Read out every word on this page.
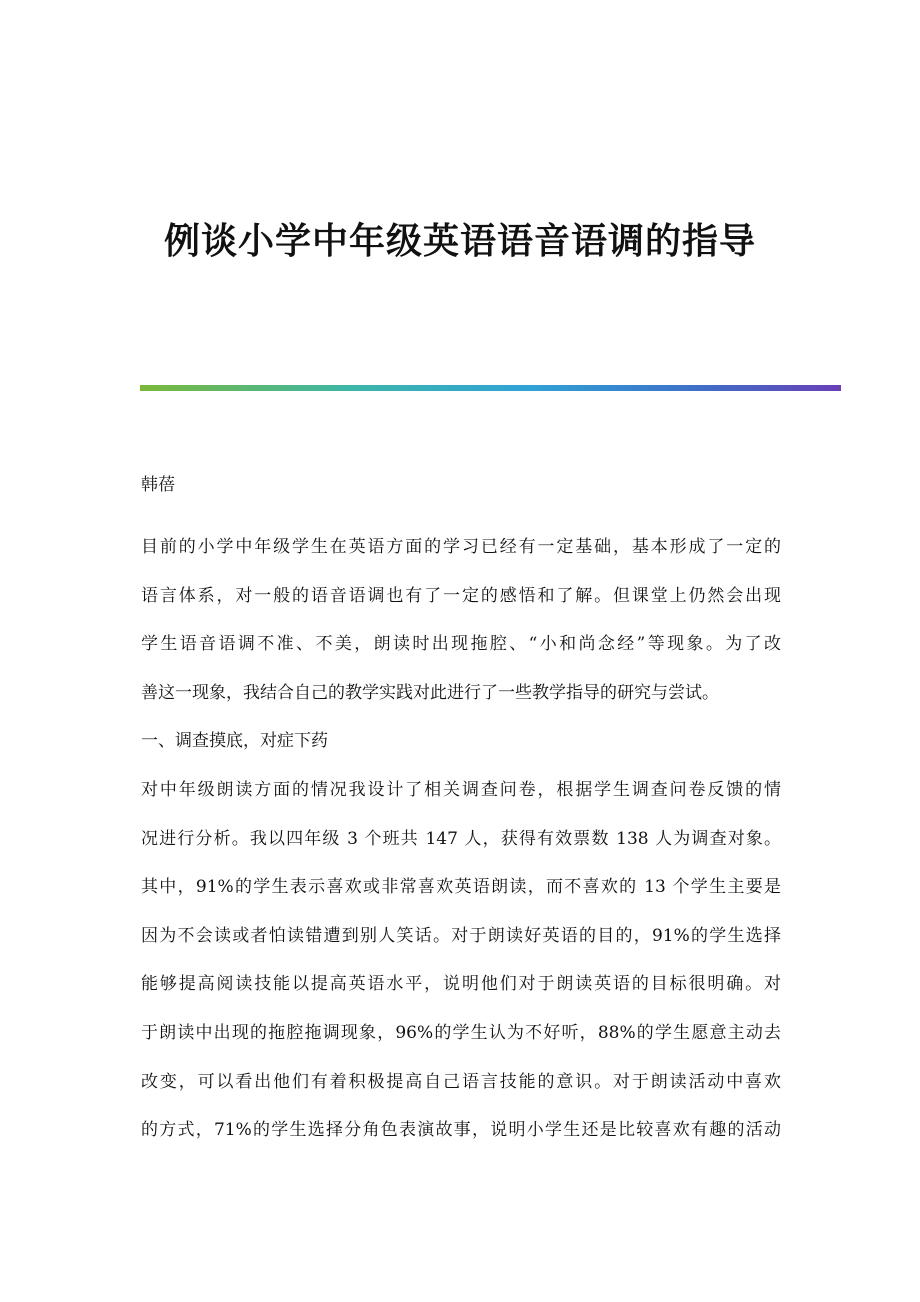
例谈小学中年级英语语音语调的指导
韩蓓
目前的小学中年级学生在英语方面的学习已经有一定基础，基本形成了一定的
语言体系，对一般的语音语调也有了一定的感悟和了解。但课堂上仍然会出现
学生语音语调不准、不美，朗读时出现拖腔、“小和尚念经”等现象。为了改
善这一现象，我结合自己的教学实践对此进行了一些教学指导的研究与尝试。
一、调查摸底，对症下药
对中年级朗读方面的情况我设计了相关调查问卷，根据学生调查问卷反馈的情
况进行分析。我以四年级 3 个班共 147 人，获得有效票数 138 人为调查对象。
其中，91%的学生表示喜欢或非常喜欢英语朗读，而不喜欢的 13 个学生主要是
因为不会读或者怕读错遭到别人笑话。对于朗读好英语的目的，91%的学生选择
能够提高阅读技能以提高英语水平，说明他们对于朗读英语的目标很明确。对
于朗读中出现的拖腔拖调现象，96%的学生认为不好听，88%的学生愿意主动去
改变，可以看出他们有着积极提高自己语言技能的意识。对于朗读活动中喜欢
的方式，71%的学生选择分角色表演故事，说明小学生还是比较喜欢有趣的活动
